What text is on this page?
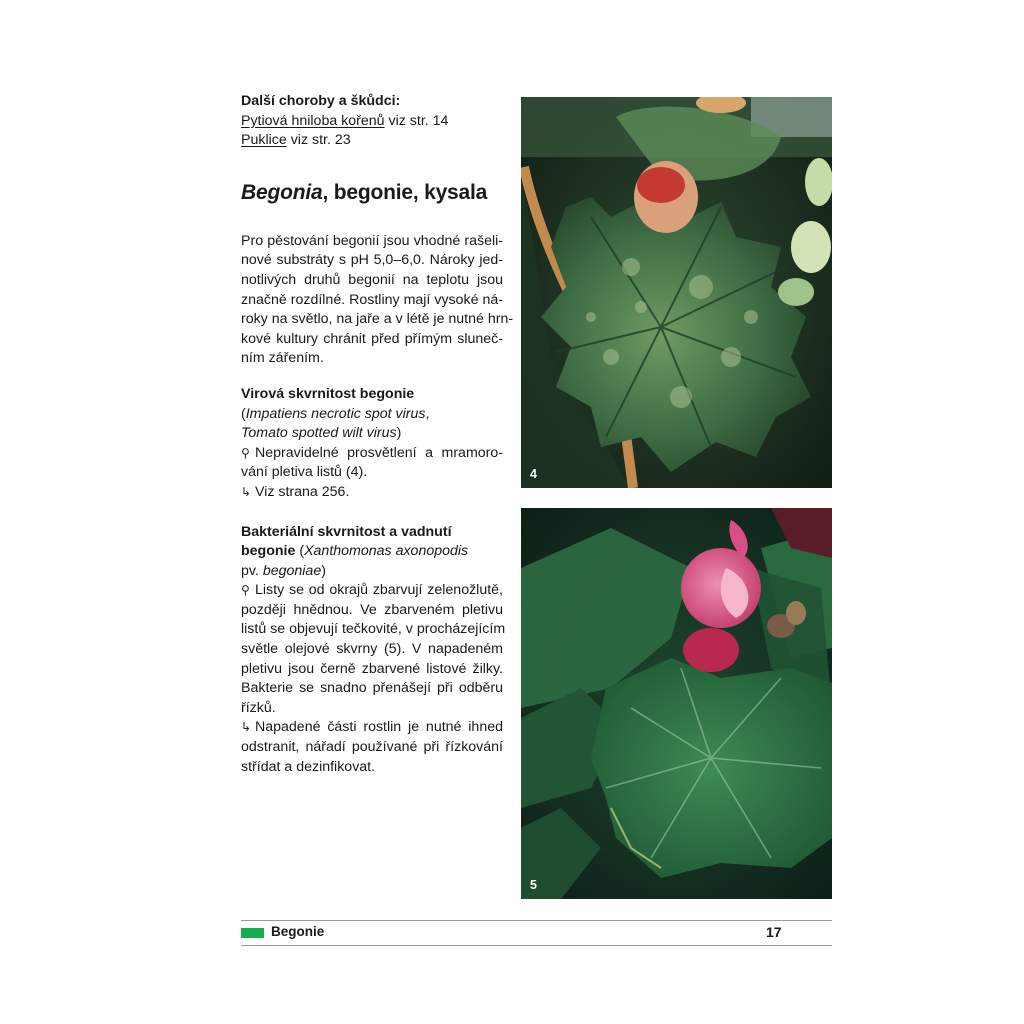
Další choroby a škůdci:
Pytiová hniloba kořenů viz str. 14
Puklice viz str. 23
Begonia, begonie, kysala
Pro pěstování begonií jsou vhodné rašeli-
nové substráty s pH 5,0–6,0. Nároky jed-
notlivých druhů begonií na teplotu jsou
značně rozdílné. Rostliny mají vysoké ná-
roky na světlo, na jaře a v létě je nutné hrn-
kové kultury chránit před přímým sluneč-
ním zářením.
Virová skvrnitost begonie
(Impatiens necrotic spot virus,
Tomato spotted wilt virus)
⚲ Nepravidelné prosvětlení a mramoro-
vání pletiva listů (4).
↳ Viz strana 256.
Bakteriální skvrnitost a vadnutí
begonie (Xanthomonas axonopodis
pv. begoniae)
⚲ Listy se od okrajů zbarvují zelenožlutě,
později hnědnou. Ve zbarveném pletivu
listů se objevují tečkovité, v procházejícím
světle olejové skvrny (5). V napadeném
pletivu jsou černě zbarvené listové žilky.
Bakterie se snadno přenášejí při odběru
řízků.
↳ Napadené části rostlin je nutné ihned
odstranit, nářadí používané při řízkování
střídat a dezinfikovat.
4
5
Begonie	17
